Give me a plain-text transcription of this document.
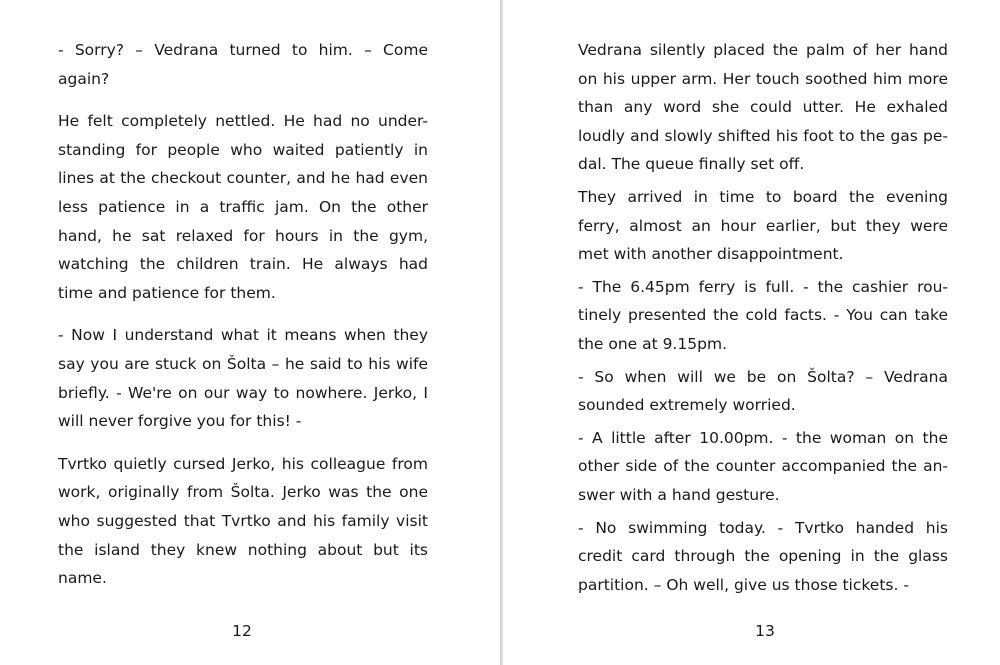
- Sorry? – Vedrana turned to him. – Come again?

He felt completely nettled. He had no under-standing for people who waited patiently in lines at the checkout counter, and he had even less patience in a traffic jam. On the other hand, he sat relaxed for hours in the gym, watching the children train. He always had time and patience for them.

- Now I understand what it means when they say you are stuck on Šolta – he said to his wife briefly. - We're on our way to nowhere. Jerko, I will never forgive you for this! -

Tvrtko quietly cursed Jerko, his colleague from work, originally from Šolta. Jerko was the one who suggested that Tvrtko and his family visit the island they knew nothing about but its name.

12

Vedrana silently placed the palm of her hand on his upper arm. Her touch soothed him more than any word she could utter. He exhaled loudly and slowly shifted his foot to the gas pe-dal. The queue finally set off.

They arrived in time to board the evening ferry, almost an hour earlier, but they were met with another disappointment.

- The 6.45pm ferry is full. - the cashier rou-tinely presented the cold facts. - You can take the one at 9.15pm.

- So when will we be on Šolta? – Vedrana sounded extremely worried.

- A little after 10.00pm. - the woman on the other side of the counter accompanied the an-swer with a hand gesture.

- No swimming today. - Tvrtko handed his credit card through the opening in the glass partition. – Oh well, give us those tickets. -

13
